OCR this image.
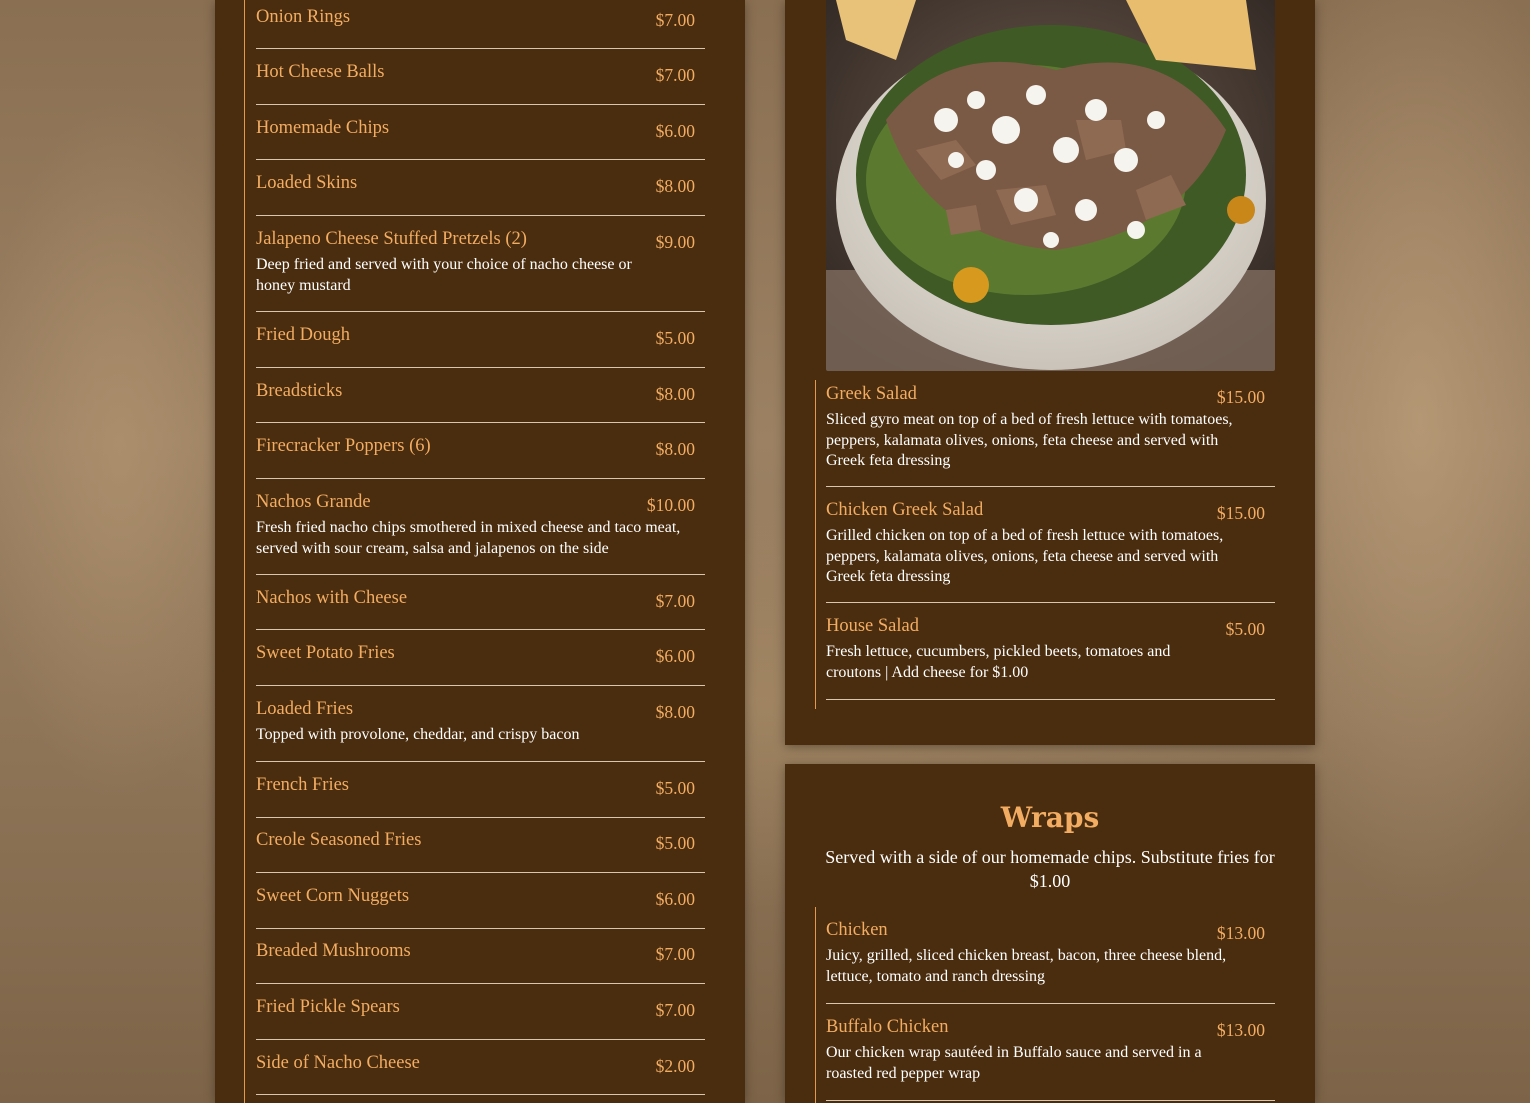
Onion Rings	$7.00
Hot Cheese Balls	$7.00
Homemade Chips	$6.00
Loaded Skins	$8.00
Jalapeno Cheese Stuffed Pretzels (2)	$9.00
Deep fried and served with your choice of nacho cheese or honey mustard
Fried Dough	$5.00
Breadsticks	$8.00
Firecracker Poppers (6)	$8.00
Nachos Grande	$10.00
Fresh fried nacho chips smothered in mixed cheese and taco meat, served with sour cream, salsa and jalapenos on the side
Nachos with Cheese	$7.00
Sweet Potato Fries	$6.00
Loaded Fries	$8.00
Topped with provolone, cheddar, and crispy bacon
French Fries	$5.00
Creole Seasoned Fries	$5.00
Sweet Corn Nuggets	$6.00
Breaded Mushrooms	$7.00
Fried Pickle Spears	$7.00
Side of Nacho Cheese	$2.00
Greek Salad	$15.00
Sliced gyro meat on top of a bed of fresh lettuce with tomatoes, peppers, kalamata olives, onions, feta cheese and served with Greek feta dressing
Chicken Greek Salad	$15.00
Grilled chicken on top of a bed of fresh lettuce with tomatoes, peppers, kalamata olives, onions, feta cheese and served with Greek feta dressing
House Salad	$5.00
Fresh lettuce, cucumbers, pickled beets, tomatoes and croutons | Add cheese for $1.00
Wraps
Served with a side of our homemade chips. Substitute fries for $1.00
Chicken	$13.00
Juicy, grilled, sliced chicken breast, bacon, three cheese blend, lettuce, tomato and ranch dressing
Buffalo Chicken	$13.00
Our chicken wrap sautéed in Buffalo sauce and served in a roasted red pepper wrap
